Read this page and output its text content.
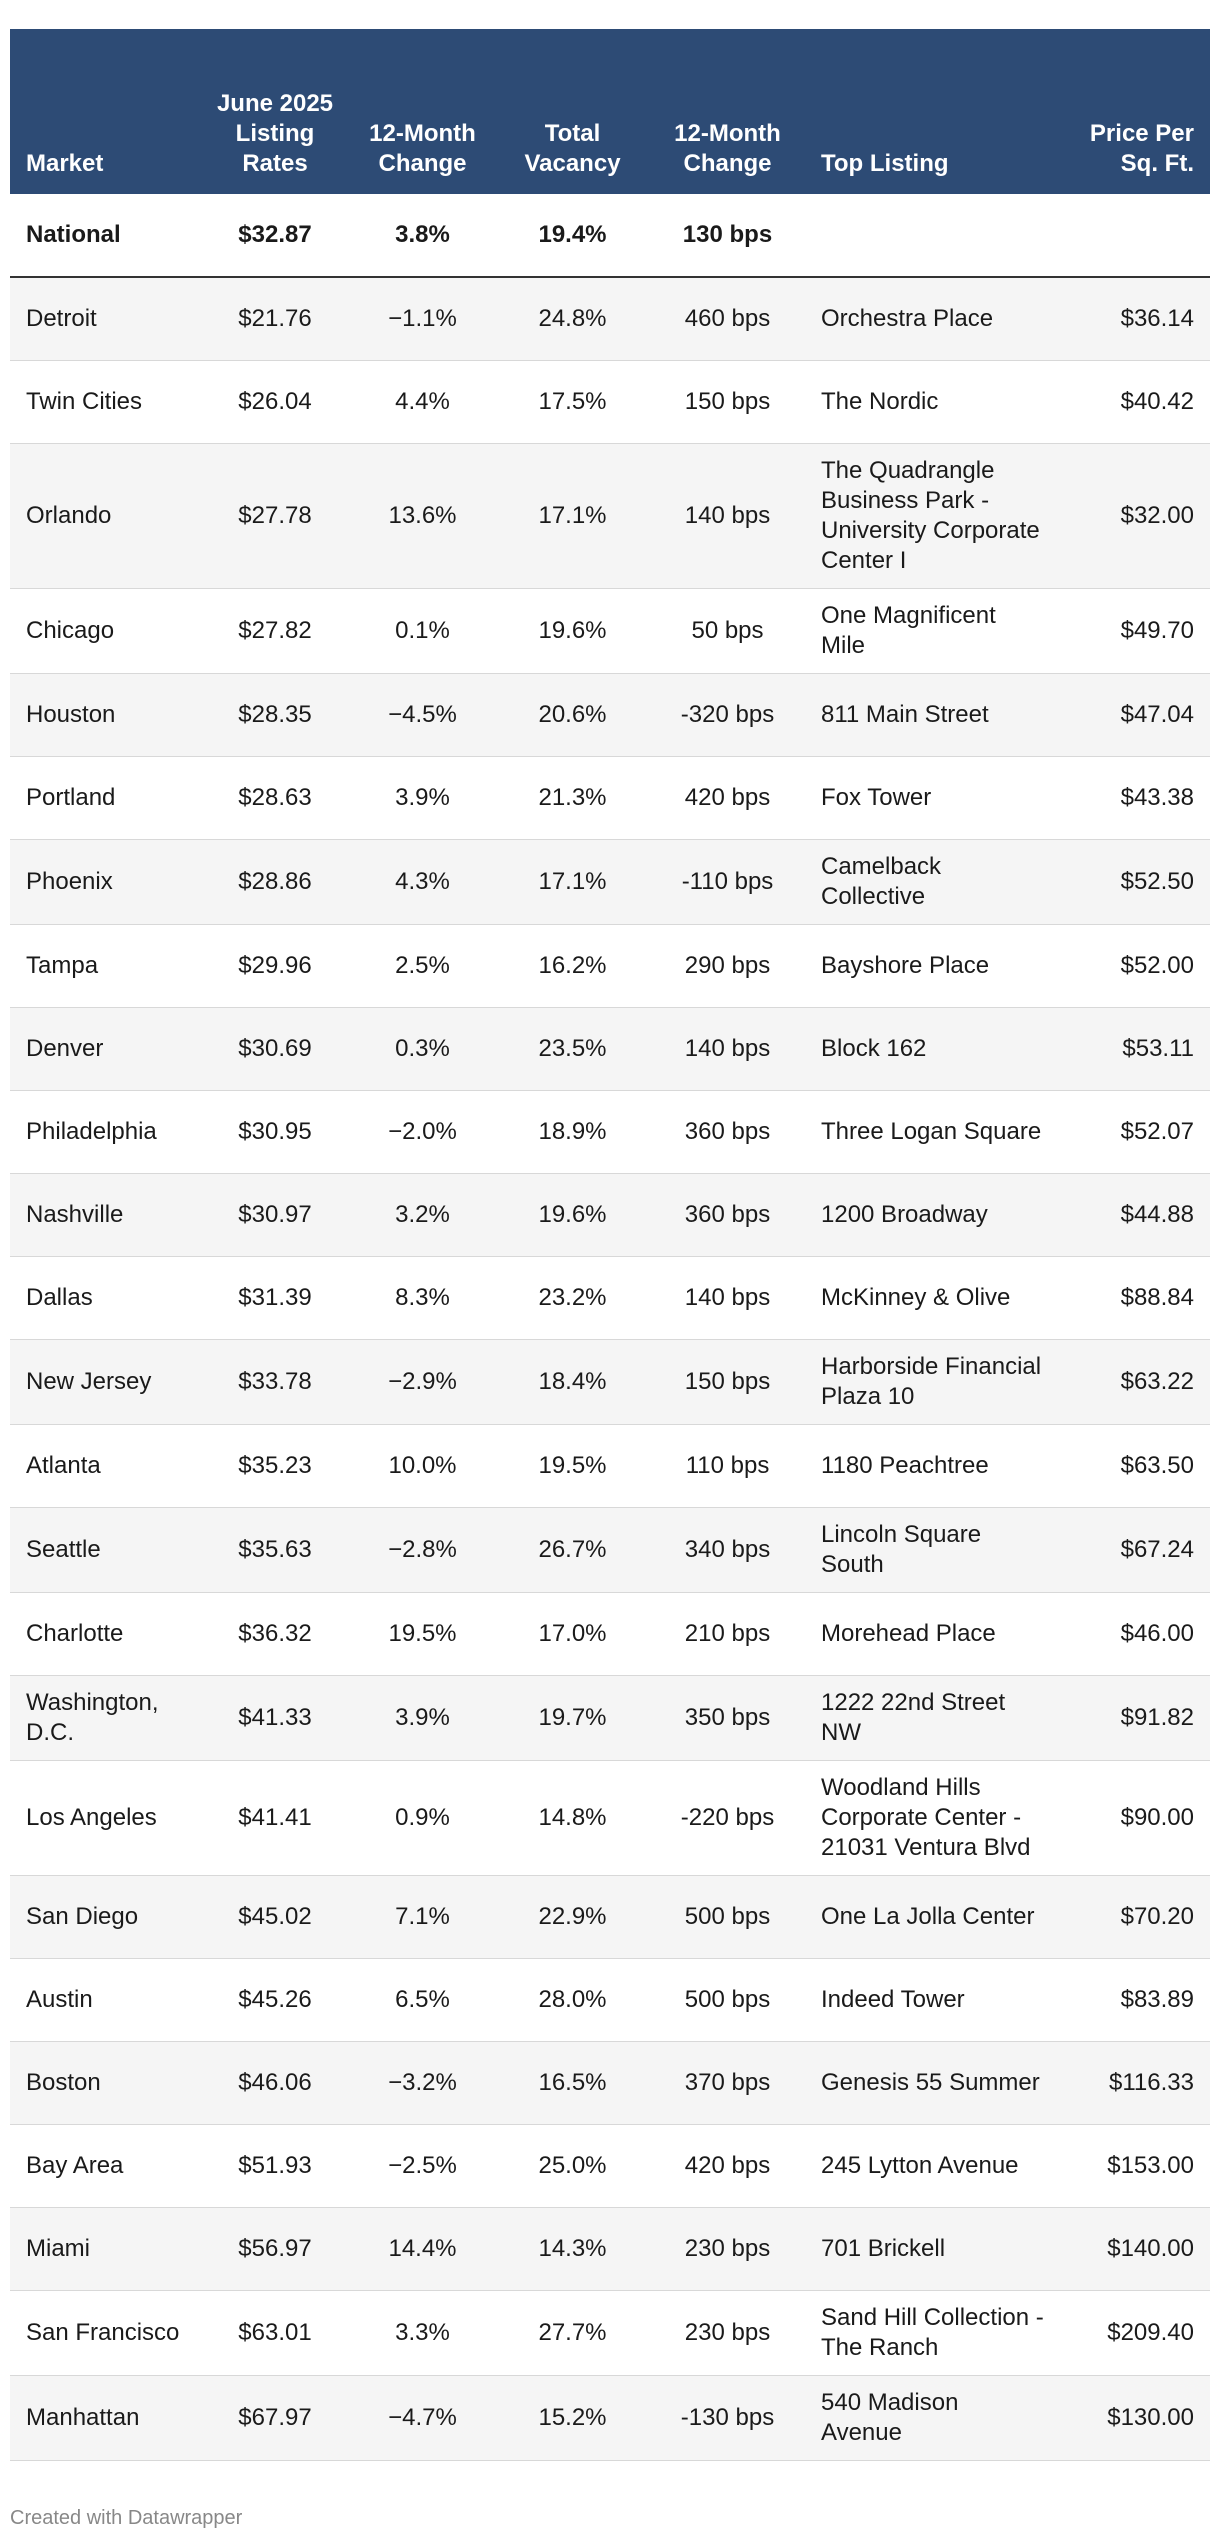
Market	June 2025 Listing Rates	12-Month Change	Total Vacancy	12-Month Change	Top Listing	Price Per Sq. Ft.
National	$32.87	3.8%	19.4%	130 bps		
Detroit	$21.76	−1.1%	24.8%	460 bps	Orchestra Place	$36.14
Twin Cities	$26.04	4.4%	17.5%	150 bps	The Nordic	$40.42
Orlando	$27.78	13.6%	17.1%	140 bps	The Quadrangle Business Park - University Corporate Center I	$32.00
Chicago	$27.82	0.1%	19.6%	50 bps	One Magnificent Mile	$49.70
Houston	$28.35	−4.5%	20.6%	-320 bps	811 Main Street	$47.04
Portland	$28.63	3.9%	21.3%	420 bps	Fox Tower	$43.38
Phoenix	$28.86	4.3%	17.1%	-110 bps	Camelback Collective	$52.50
Tampa	$29.96	2.5%	16.2%	290 bps	Bayshore Place	$52.00
Denver	$30.69	0.3%	23.5%	140 bps	Block 162	$53.11
Philadelphia	$30.95	−2.0%	18.9%	360 bps	Three Logan Square	$52.07
Nashville	$30.97	3.2%	19.6%	360 bps	1200 Broadway	$44.88
Dallas	$31.39	8.3%	23.2%	140 bps	McKinney & Olive	$88.84
New Jersey	$33.78	−2.9%	18.4%	150 bps	Harborside Financial Plaza 10	$63.22
Atlanta	$35.23	10.0%	19.5%	110 bps	1180 Peachtree	$63.50
Seattle	$35.63	−2.8%	26.7%	340 bps	Lincoln Square South	$67.24
Charlotte	$36.32	19.5%	17.0%	210 bps	Morehead Place	$46.00
Washington, D.C.	$41.33	3.9%	19.7%	350 bps	1222 22nd Street NW	$91.82
Los Angeles	$41.41	0.9%	14.8%	-220 bps	Woodland Hills Corporate Center - 21031 Ventura Blvd	$90.00
San Diego	$45.02	7.1%	22.9%	500 bps	One La Jolla Center	$70.20
Austin	$45.26	6.5%	28.0%	500 bps	Indeed Tower	$83.89
Boston	$46.06	−3.2%	16.5%	370 bps	Genesis 55 Summer	$116.33
Bay Area	$51.93	−2.5%	25.0%	420 bps	245 Lytton Avenue	$153.00
Miami	$56.97	14.4%	14.3%	230 bps	701 Brickell	$140.00
San Francisco	$63.01	3.3%	27.7%	230 bps	Sand Hill Collection - The Ranch	$209.40
Manhattan	$67.97	−4.7%	15.2%	-130 bps	540 Madison Avenue	$130.00
Created with Datawrapper
